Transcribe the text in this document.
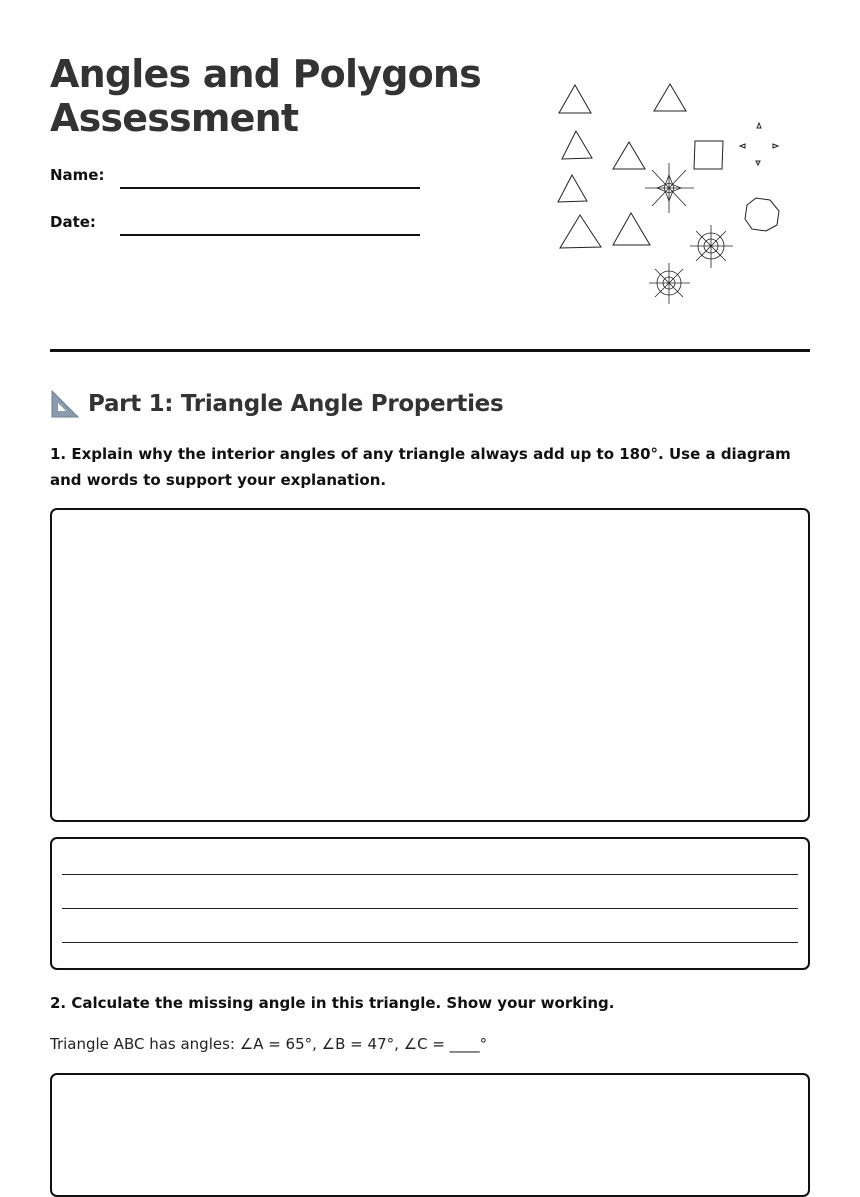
Angles and Polygons
Assessment
Name:
Date:
Part 1: Triangle Angle Properties
1. Explain why the interior angles of any triangle always add up to 180°. Use a diagram and words to support your explanation.
2. Calculate the missing angle in this triangle. Show your working.
Triangle ABC has angles: ∠A = 65°, ∠B = 47°, ∠C = ____°
